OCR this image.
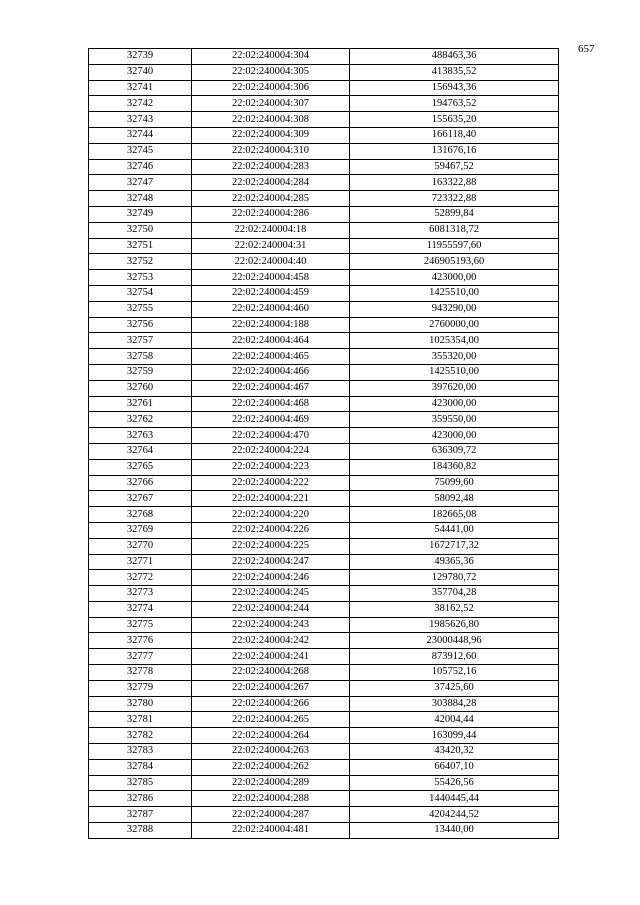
657
32739	22:02:240004:304	488463,36
32740	22:02:240004:305	413835,52
32741	22:02:240004:306	156943,36
32742	22:02:240004:307	194763,52
32743	22:02:240004:308	155635,20
32744	22:02:240004:309	166118,40
32745	22:02:240004:310	131676,16
32746	22:02:240004:283	59467,52
32747	22:02:240004:284	163322,88
32748	22:02:240004:285	723322,88
32749	22:02:240004:286	52899,84
32750	22:02:240004:18	6081318,72
32751	22:02:240004:31	11955597,60
32752	22:02:240004:40	246905193,60
32753	22:02:240004:458	423000,00
32754	22:02:240004:459	1425510,00
32755	22:02:240004:460	943290,00
32756	22:02:240004:188	2760000,00
32757	22:02:240004:464	1025354,00
32758	22:02:240004:465	355320,00
32759	22:02:240004:466	1425510,00
32760	22:02:240004:467	397620,00
32761	22:02:240004:468	423000,00
32762	22:02:240004:469	359550,00
32763	22:02:240004:470	423000,00
32764	22:02:240004:224	636309,72
32765	22:02:240004:223	184360,82
32766	22:02:240004:222	75099,60
32767	22:02:240004:221	58092,48
32768	22:02:240004:220	182665,08
32769	22:02:240004:226	54441,00
32770	22:02:240004:225	1672717,32
32771	22:02:240004:247	49365,36
32772	22:02:240004:246	129780,72
32773	22:02:240004:245	357704,28
32774	22:02:240004:244	38162,52
32775	22:02:240004:243	1985626,80
32776	22:02:240004:242	23000448,96
32777	22:02:240004:241	873912,60
32778	22:02:240004:268	105752,16
32779	22:02:240004:267	37425,60
32780	22:02:240004:266	303884,28
32781	22:02:240004:265	42004,44
32782	22:02:240004:264	163099,44
32783	22:02:240004:263	43420,32
32784	22:02:240004:262	66407,10
32785	22:02:240004:289	55426,56
32786	22:02:240004:288	1440445,44
32787	22:02:240004:287	4204244,52
32788	22:02:240004:481	13440,00
